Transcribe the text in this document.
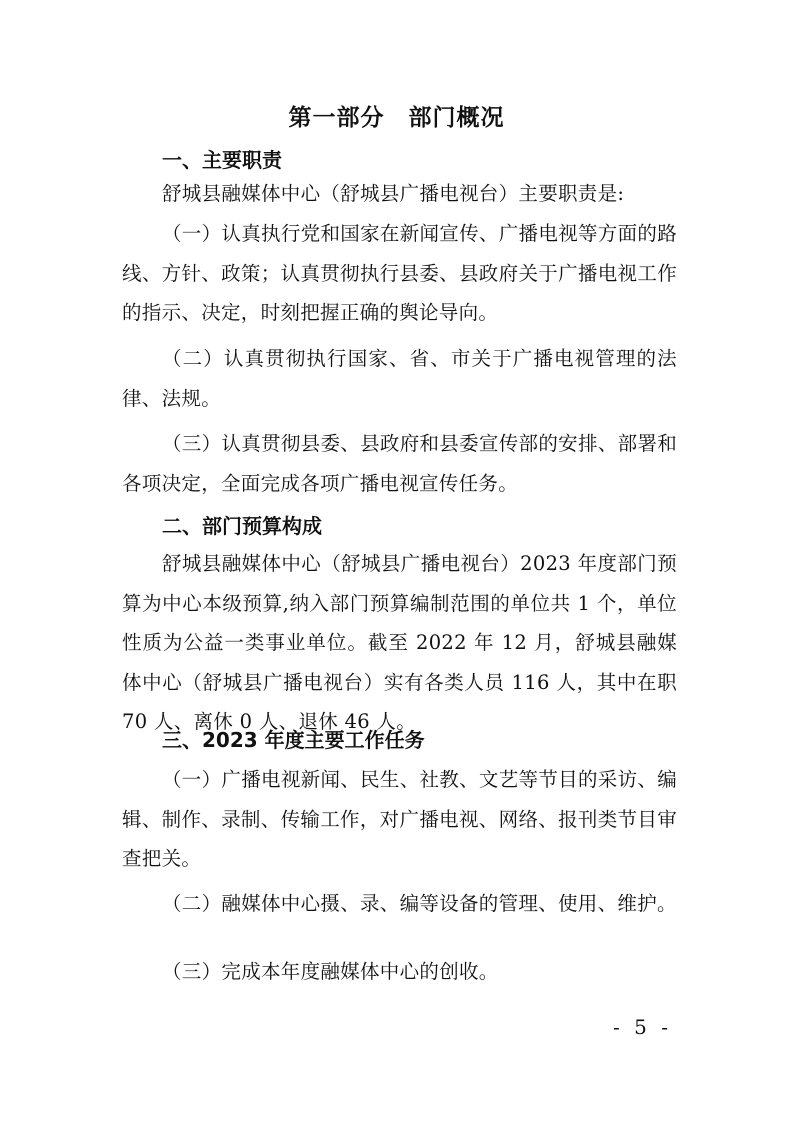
第一部分　部门概况
一、主要职责
舒城县融媒体中心（舒城县广播电视台）主要职责是:
（一）认真执行党和国家在新闻宣传、广播电视等方面的路线、方针、政策；认真贯彻执行县委、县政府关于广播电视工作的指示、决定，时刻把握正确的舆论导向。
（二）认真贯彻执行国家、省、市关于广播电视管理的法律、法规。
（三）认真贯彻县委、县政府和县委宣传部的安排、部署和各项决定，全面完成各项广播电视宣传任务。
二、部门预算构成
舒城县融媒体中心（舒城县广播电视台）2023 年度部门预算为中心本级预算,纳入部门预算编制范围的单位共 1 个，单位性质为公益一类事业单位。截至 2022 年 12 月，舒城县融媒体中心（舒城县广播电视台）实有各类人员 116 人，其中在职 70 人、离休 0 人、退休 46 人。
三、2023 年度主要工作任务
（一）广播电视新闻、民生、社教、文艺等节目的采访、编辑、制作、录制、传输工作，对广播电视、网络、报刊类节目审查把关。
（二）融媒体中心摄、录、编等设备的管理、使用、维护。
（三）完成本年度融媒体中心的创收。
- 5 -
